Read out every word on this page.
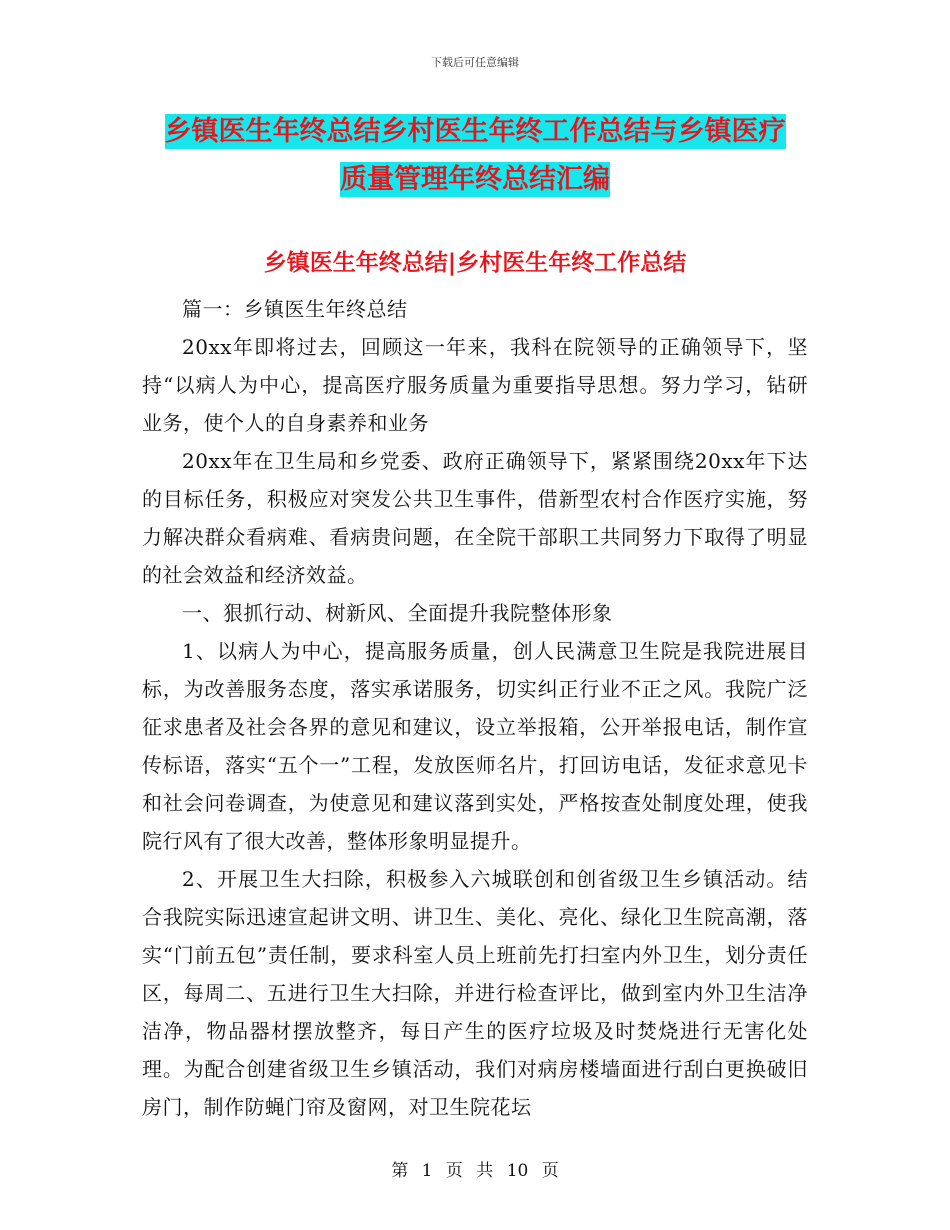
下载后可任意编辑
乡镇医生年终总结乡村医生年终工作总结与乡镇医疗
质量管理年终总结汇编
乡镇医生年终总结|乡村医生年终工作总结

篇一：乡镇医生年终总结

20xx年即将过去，回顾这一年来，我科在院领导的正确领导下，坚持“以病人为中心，提高医疗服务质量为重要指导思想。努力学习，钻研业务，使个人的自身素养和业务

20xx年在卫生局和乡党委、政府正确领导下，紧紧围绕20xx年下达的目标任务，积极应对突发公共卫生事件，借新型农村合作医疗实施，努力解决群众看病难、看病贵问题，在全院干部职工共同努力下取得了明显的社会效益和经济效益。

一、狠抓行动、树新风、全面提升我院整体形象

1、以病人为中心，提高服务质量，创人民满意卫生院是我院进展目标，为改善服务态度，落实承诺服务，切实纠正行业不正之风。我院广泛征求患者及社会各界的意见和建议，设立举报箱，公开举报电话，制作宣传标语，落实“五个一”工程，发放医师名片，打回访电话，发征求意见卡和社会问卷调查，为使意见和建议落到实处，严格按查处制度处理，使我院行风有了很大改善，整体形象明显提升。

2、开展卫生大扫除，积极参入六城联创和创省级卫生乡镇活动。结合我院实际迅速宣起讲文明、讲卫生、美化、亮化、绿化卫生院高潮，落实“门前五包”责任制，要求科室人员上班前先打扫室内外卫生，划分责任区，每周二、五进行卫生大扫除，并进行检查评比，做到室内外卫生洁净洁净，物品器材摆放整齐，每日产生的医疗垃圾及时焚烧进行无害化处理。为配合创建省级卫生乡镇活动，我们对病房楼墙面进行刮白更换破旧房门，制作防蝇门帘及窗网，对卫生院花坛

第 1 页 共 10 页
